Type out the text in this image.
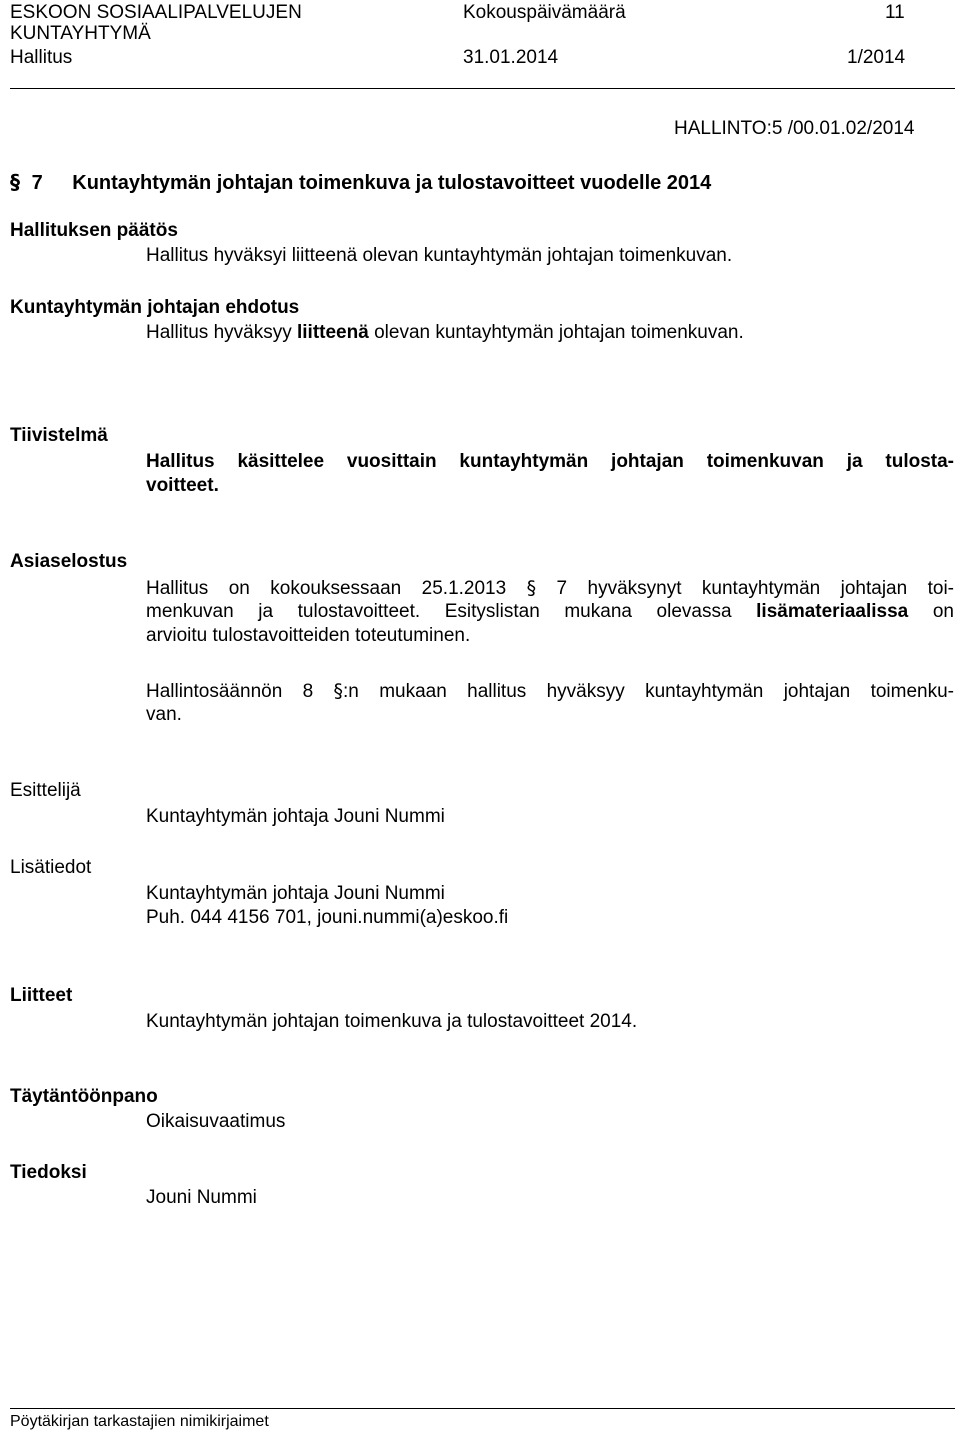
ESKOON SOSIAALIPALVELUJEN
KUNTAYHTYMÄ
Kokouspäivämäärä	11
Hallitus	31.01.2014	1/2014
HALLINTO:5 /00.01.02/2014
§ 7 Kuntayhtymän johtajan toimenkuva ja tulostavoitteet vuodelle 2014
Hallituksen päätös
Hallitus hyväksyi liitteenä olevan kuntayhtymän johtajan toimenkuvan.
Kuntayhtymän johtajan ehdotus
Hallitus hyväksyy liitteenä olevan kuntayhtymän johtajan toimenkuvan.
Tiivistelmä
Hallitus käsittelee vuosittain kuntayhtymän johtajan toimenkuvan ja tulosta-
voitteet.
Asiaselostus
Hallitus on kokouksessaan 25.1.2013 § 7 hyväksynyt kuntayhtymän johtajan toi-
menkuvan ja tulostavoitteet. Esityslistan mukana olevassa lisämateriaalissa on
arvioitu tulostavoitteiden toteutuminen.
Hallintosäännön 8 §:n mukaan hallitus hyväksyy kuntayhtymän johtajan toimenku-
van.
Esittelijä
Kuntayhtymän johtaja Jouni Nummi
Lisätiedot
Kuntayhtymän johtaja Jouni Nummi
Puh. 044 4156 701, jouni.nummi(a)eskoo.fi
Liitteet
Kuntayhtymän johtajan toimenkuva ja tulostavoitteet 2014.
Täytäntöönpano
Oikaisuvaatimus
Tiedoksi
Jouni Nummi
Pöytäkirjan tarkastajien nimikirjaimet
